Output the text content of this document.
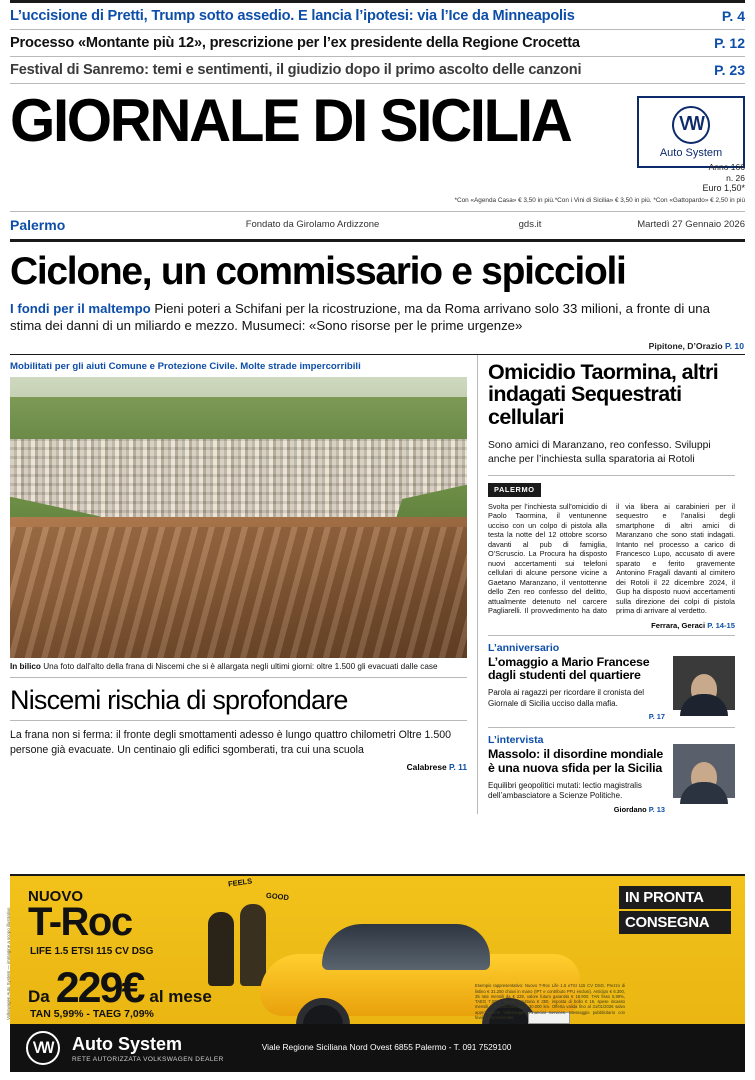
L’uccisione di Pretti, Trump sotto assedio. E lancia l’ipotesi: via l’Ice da Minneapolis	P. 4
Processo «Montante più 12», prescrizione per l’ex presidente della Regione Crocetta	P. 12
Festival di Sanremo: temi e sentimenti, il giudizio dopo il primo ascolto delle canzoni	P. 23
GIORNALE DI SICILIA	VW
Auto System
Anno 166
n. 26
Euro 1,50*
*Con «Agenda Casa» € 3,50 in più.*Con i Vini di Sicilia» € 3,50 in più. *Con «Gattopardo» € 2,50 in più
Palermo	Fondato da Girolamo Ardizzone	gds.it	Martedì 27 Gennaio 2026
Ciclone, un commissario e spiccioli
I fondi per il maltempo Pieni poteri a Schifani per la ricostruzione, ma da Roma arrivano solo 33 milioni, a fronte di una stima dei danni di un miliardo e mezzo. Musumeci: «Sono risorse per le prime urgenze»
Pipitone, D’Orazio P. 10
Mobilitati per gli aiuti Comune e Protezione Civile. Molte strade impercorribili
In bilico Una foto dall'alto della frana di Niscemi che si è allargata negli ultimi giorni: oltre 1.500 gli evacuati dalle case
Niscemi rischia di sprofondare
La frana non si ferma: il fronte degli smottamenti adesso è lungo quattro chilometri Oltre 1.500 persone già evacuate. Un centinaio gli edifici sgomberati, tra cui una scuola
Calabrese P. 11
Omicidio Taormina, altri indagati Sequestrati cellulari
Sono amici di Maranzano, reo confesso. Sviluppi anche per l’inchiesta sulla sparatoria ai Rotoli
PALERMO
Svolta per l’inchiesta sull’omicidio di Paolo Taormina, il ventunenne ucciso con un colpo di pistola alla testa la notte del 12 ottobre scorso davanti al pub di famiglia, O’Scruscio. La Procura ha disposto nuovi accertamenti sui telefoni cellulari di alcune persone vicine a Gaetano Maranzano, il ventottenne dello Zen reo confesso del delitto, attualmente detenuto nel carcere Pagliarelli. Il provvedimento ha dato il via libera ai carabinieri per il sequestro e l’analisi degli smartphone di altri amici di Maranzano che sono stati indagati. Intanto nel processo a carico di Francesco Lupo, accusato di avere sparato e ferito gravemente Antonino Fragalì davanti al cimitero dei Rotoli il 22 dicembre 2024, il Gup ha disposto nuovi accertamenti sulla direzione dei colpi di pistola prima di arrivare al verdetto.
Ferrara, Geraci P. 14-15
L’anniversario
L’omaggio a Mario Francese dagli studenti del quartiere
Parola ai ragazzi per ricordare il cronista del Giornale di Sicilia ucciso dalla mafia.
P. 17
L’intervista
Massolo: il disordine mondiale è una nuova sfida per la Sicilia
Equilibri geopolitici mutati: lectio magistralis dell’ambasciatore a Scienze Politiche.
Giordano P. 13
NUOVO
T-Roc
LIFE 1.5 ETSI 115 CV DSG
Da 229€ al mese
TAN 5,99% - TAEG 7,09%
FEELS
GOOD	IN PRONTA
CONSEGNA
Esempio rappresentativo: Nuovo T-Roc Life 1.5 eTSI 115 CV DSG. Prezzo di listino € 31.250 chiavi in mano (IPT e contributo PFU esclusi). Anticipo € 6.300, 35 rate mensili da € 229, valore futuro garantito € 18.900. TAN fisso 5,99%, TAEG 7,09%. Spese istruttoria € 350, imposta di bollo € 16, spese incasso mensili € 3. Chilometraggio 30.000 km. Offerta valida fino al 31/01/2026 salvo approvazione Volkswagen Financial Services. Messaggio pubblicitario con finalità promozionale.
Volkswagen Auto System — immagine a scopo illustrativo
VW Auto System
RETE AUTORIZZATA VOLKSWAGEN DEALER
Viale Regione Siciliana Nord Ovest 6855 Palermo - T. 091 7529100
